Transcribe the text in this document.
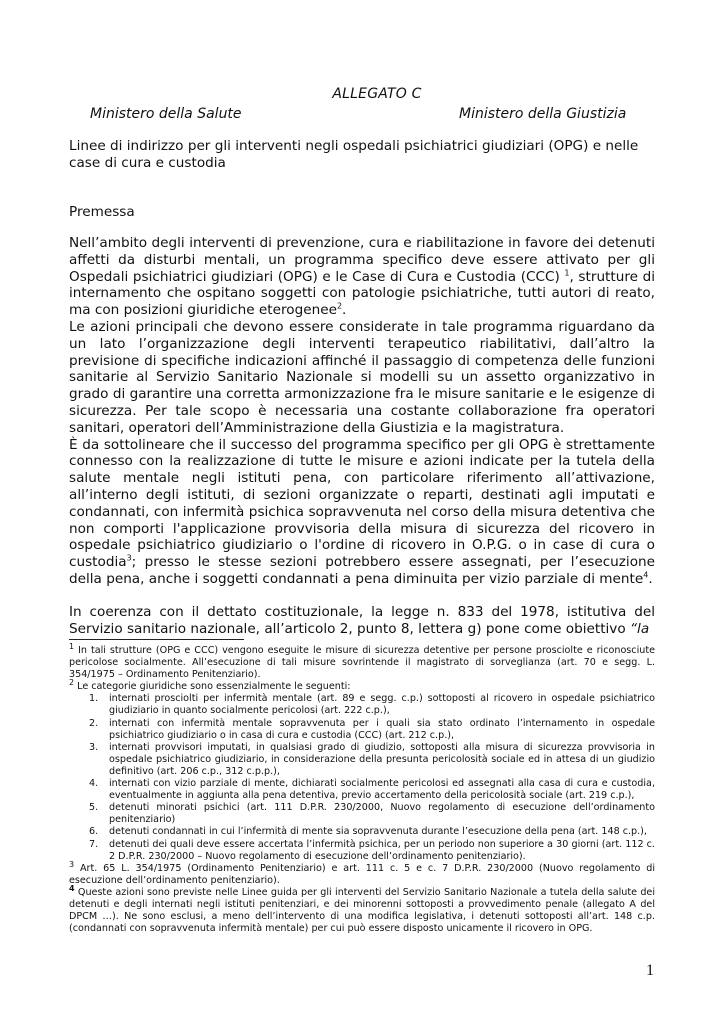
ALLEGATO C
Ministero della Salute	Ministero della Giustizia
Linee di indirizzo per gli interventi negli ospedali psichiatrici giudiziari (OPG) e nelle case di cura e custodia
Premessa

Nell’ambito degli interventi di prevenzione, cura e riabilitazione in favore dei detenuti affetti da disturbi mentali, un programma specifico deve essere attivato per gli Ospedali psichiatrici giudiziari (OPG) e le Case di Cura e Custodia (CCC) $^1$, strutture di internamento che ospitano soggetti con patologie psichiatriche, tutti autori di reato, ma con posizioni giuridiche eterogenee$^2$.

Le azioni principali che devono essere considerate in tale programma riguardano da un lato l’organizzazione degli interventi terapeutico riabilitativi, dall’altro la previsione di specifiche indicazioni affinché il passaggio di competenza delle funzioni sanitarie al Servizio Sanitario Nazionale si modelli su un assetto organizzativo in grado di garantire una corretta armonizzazione fra le misure sanitarie e le esigenze di sicurezza. Per tale scopo è necessaria una costante collaborazione fra operatori sanitari, operatori dell’Amministrazione della Giustizia e la magistratura.

È da sottolineare che il successo del programma specifico per gli OPG è strettamente connesso con la realizzazione di tutte le misure e azioni indicate per la tutela della salute mentale negli istituti pena, con particolare riferimento all’attivazione, all’interno degli istituti, di sezioni organizzate o reparti, destinati agli imputati e condannati, con infermità psichica sopravvenuta nel corso della misura detentiva che non comporti l'applicazione provvisoria della misura di sicurezza del ricovero in ospedale psichiatrico giudiziario o l'ordine di ricovero in O.P.G. o in case di cura o custodia$^3$; presso le stesse sezioni potrebbero essere assegnati, per l’esecuzione della pena, anche i soggetti condannati a pena diminuita per vizio parziale di mente$^4$.

In coerenza con il dettato costituzionale, la legge n. 833 del 1978, istitutiva del Servizio sanitario nazionale, all’articolo 2, punto 8, lettera g) pone come obiettivo “la

$^1$ In tali strutture (OPG e CCC) vengono eseguite le misure di sicurezza detentive per persone prosciolte e riconosciute pericolose socialmente. All’esecuzione di tali misure sovrintende il magistrato di sorveglianza (art. 70 e segg. L. 354/1975 – Ordinamento Penitenziario).

$^2$ Le categorie giuridiche sono essenzialmente le seguenti:

1. internati prosciolti per infermità mentale (art. 89 e segg. c.p.) sottoposti al ricovero in ospedale psichiatrico giudiziario in quanto socialmente pericolosi (art. 222 c.p.),
2. internati con infermità mentale sopravvenuta per i quali sia stato ordinato l’internamento in ospedale psichiatrico giudiziario o in casa di cura e custodia (CCC) (art. 212 c.p.),
3. internati provvisori imputati, in qualsiasi grado di giudizio, sottoposti alla misura di sicurezza provvisoria in ospedale psichiatrico giudiziario, in considerazione della presunta pericolosità sociale ed in attesa di un giudizio definitivo (art. 206 c.p., 312 c.p.p.),
4. internati con vizio parziale di mente, dichiarati socialmente pericolosi ed assegnati alla casa di cura e custodia, eventualmente in aggiunta alla pena detentiva, previo accertamento della pericolosità sociale (art. 219 c.p.),
5. detenuti minorati psichici (art. 111 D.P.R. 230/2000, Nuovo regolamento di esecuzione dell’ordinamento penitenziario)
6. detenuti condannati in cui l’infermità di mente sia sopravvenuta durante l’esecuzione della pena (art. 148 c.p.),
7. detenuti dei quali deve essere accertata l’infermità psichica, per un periodo non superiore a 30 giorni (art. 112 c. 2 D.P.R. 230/2000 – Nuovo regolamento di esecuzione dell’ordinamento penitenziario).

$^3$ Art. 65 L. 354/1975 (Ordinamento Penitenziario) e art. 111 c. 5 e c. 7 D.P.R. 230/2000 (Nuovo regolamento di esecuzione dell’ordinamento penitenziario).

$^4$ Queste azioni sono previste nelle Linee guida per gli interventi del Servizio Sanitario Nazionale a tutela della salute dei detenuti e degli internati negli istituti penitenziari, e dei minorenni sottoposti a provvedimento penale (allegato A del DPCM …). Ne sono esclusi, a meno dell’intervento di una modifica legislativa, i detenuti sottoposti all’art. 148 c.p. (condannati con sopravvenuta infermità mentale) per cui può essere disposto unicamente il ricovero in OPG.

1
